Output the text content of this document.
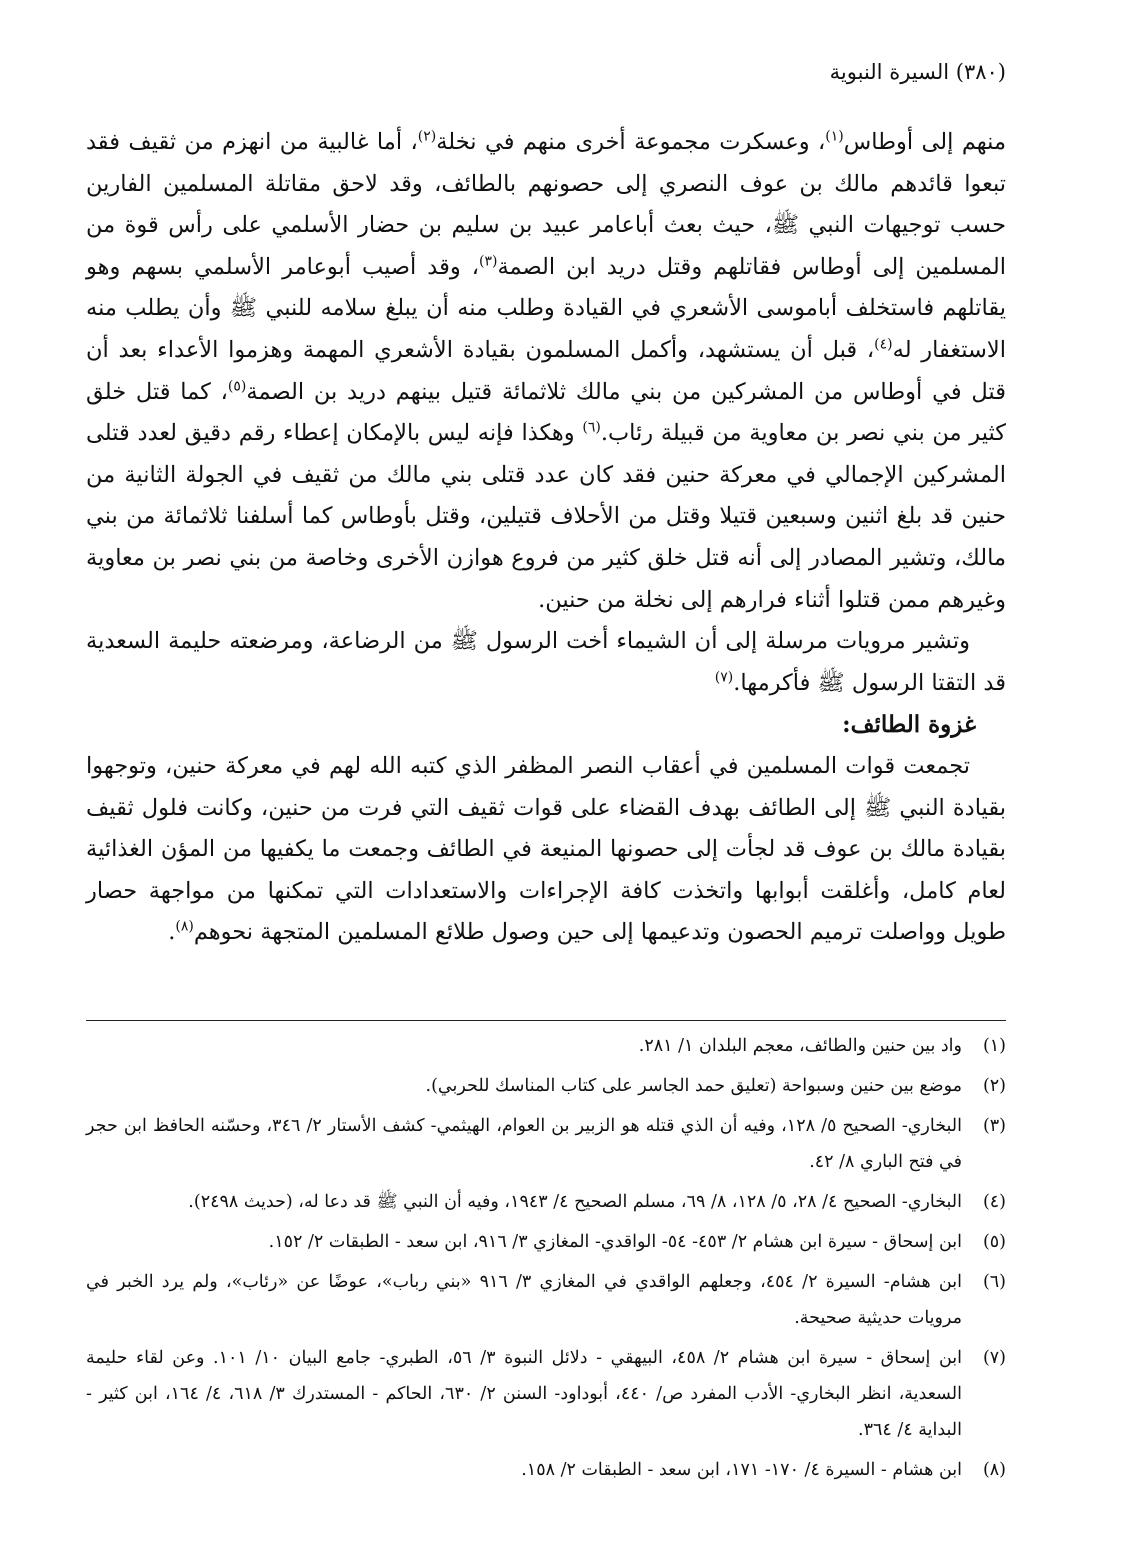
(٣٨٠) السيرة النبوية

منهم إلى أوطاس$^{(١)}$، وعسكرت مجموعة أخرى منهم في نخلة$^{(٢)}$، أما غالبية من انهزم من ثقيف فقد تبعوا قائدهم مالك بن عوف النصري إلى حصونهم بالطائف، وقد لاحق مقاتلة المسلمين الفارين حسب توجيهات النبي ﷺ، حيث بعث أباعامر عبيد بن سليم بن حضار الأسلمي على رأس قوة من المسلمين إلى أوطاس فقاتلهم وقتل دريد ابن الصمة$^{(٣)}$، وقد أصيب أبوعامر الأسلمي بسهم وهو يقاتلهم فاستخلف أباموسى الأشعري في القيادة وطلب منه أن يبلغ سلامه للنبي ﷺ وأن يطلب منه الاستغفار له$^{(٤)}$، قبل أن يستشهد، وأكمل المسلمون بقيادة الأشعري المهمة وهزموا الأعداء بعد أن قتل في أوطاس من المشركين من بني مالك ثلاثمائة قتيل بينهم دريد بن الصمة$^{(٥)}$، كما قتل خلق كثير من بني نصر بن معاوية من قبيلة رئاب.$^{(٦)}$ وهكذا فإنه ليس بالإمكان إعطاء رقم دقيق لعدد قتلى المشركين الإجمالي في معركة حنين فقد كان عدد قتلى بني مالك من ثقيف في الجولة الثانية من حنين قد بلغ اثنين وسبعين قتيلا وقتل من الأحلاف قتيلين، وقتل بأوطاس كما أسلفنا ثلاثمائة من بني مالك، وتشير المصادر إلى أنه قتل خلق كثير من فروع هوازن الأخرى وخاصة من بني نصر بن معاوية وغيرهم ممن قتلوا أثناء فرارهم إلى نخلة من حنين.

وتشير مرويات مرسلة إلى أن الشيماء أخت الرسول ﷺ من الرضاعة، ومرضعته حليمة السعدية قد التقتا الرسول ﷺ فأكرمها.$^{(٧)}$

غزوة الطائف:

تجمعت قوات المسلمين في أعقاب النصر المظفر الذي كتبه الله لهم في معركة حنين، وتوجهوا بقيادة النبي ﷺ إلى الطائف بهدف القضاء على قوات ثقيف التي فرت من حنين، وكانت فلول ثقيف بقيادة مالك بن عوف قد لجأت إلى حصونها المنيعة في الطائف وجمعت ما يكفيها من المؤن الغذائية لعام كامل، وأغلقت أبوابها واتخذت كافة الإجراءات والاستعدادات التي تمكنها من مواجهة حصار طويل وواصلت ترميم الحصون وتدعيمها إلى حين وصول طلائع المسلمين المتجهة نحوهم$^{(٨)}$.

(١)
واد بين حنين والطائف، معجم البلدان ١/ ٢٨١.
(٢)
موضع بين حنين وسبواحة (تعليق حمد الجاسر على كتاب المناسك للحربي).
(٣)
البخاري- الصحيح ٥/ ١٢٨، وفيه أن الذي قتله هو الزبير بن العوام، الهيثمي- كشف الأستار ٢/ ٣٤٦، وحسّنه الحافظ ابن حجر في فتح الباري ٨/ ٤٢.
(٤)
البخاري- الصحيح ٤/ ٢٨، ٥/ ١٢٨، ٨/ ٦٩، مسلم الصحيح ٤/ ١٩٤٣، وفيه أن النبي ﷺ قد دعا له، (حديث ٢٤٩٨).
(٥)
ابن إسحاق - سيرة ابن هشام ٢/ ٤٥٣- ٥٤- الواقدي- المغازي ٣/ ٩١٦، ابن سعد - الطبقات ٢/ ١٥٢.
(٦)
ابن هشام- السيرة ٢/ ٤٥٤، وجعلهم الواقدي في المغازي ٣/ ٩١٦ «بني رباب»، عوضًا عن «رئاب»، ولم يرد الخبر في مرويات حديثية صحيحة.
(٧)
ابن إسحاق - سيرة ابن هشام ٢/ ٤٥٨، البيهقي - دلائل النبوة ٣/ ٥٦، الطبري- جامع البيان ١٠/ ١٠١. وعن لقاء حليمة السعدية، انظر البخاري- الأدب المفرد ص/ ٤٤٠، أبوداود- السنن ٢/ ٦٣٠، الحاكم - المستدرك ٣/ ٦١٨، ٤/ ١٦٤، ابن كثير - البداية ٤/ ٣٦٤.
(٨)
ابن هشام - السيرة ٤/ ١٧٠- ١٧١، ابن سعد - الطبقات ٢/ ١٥٨.
